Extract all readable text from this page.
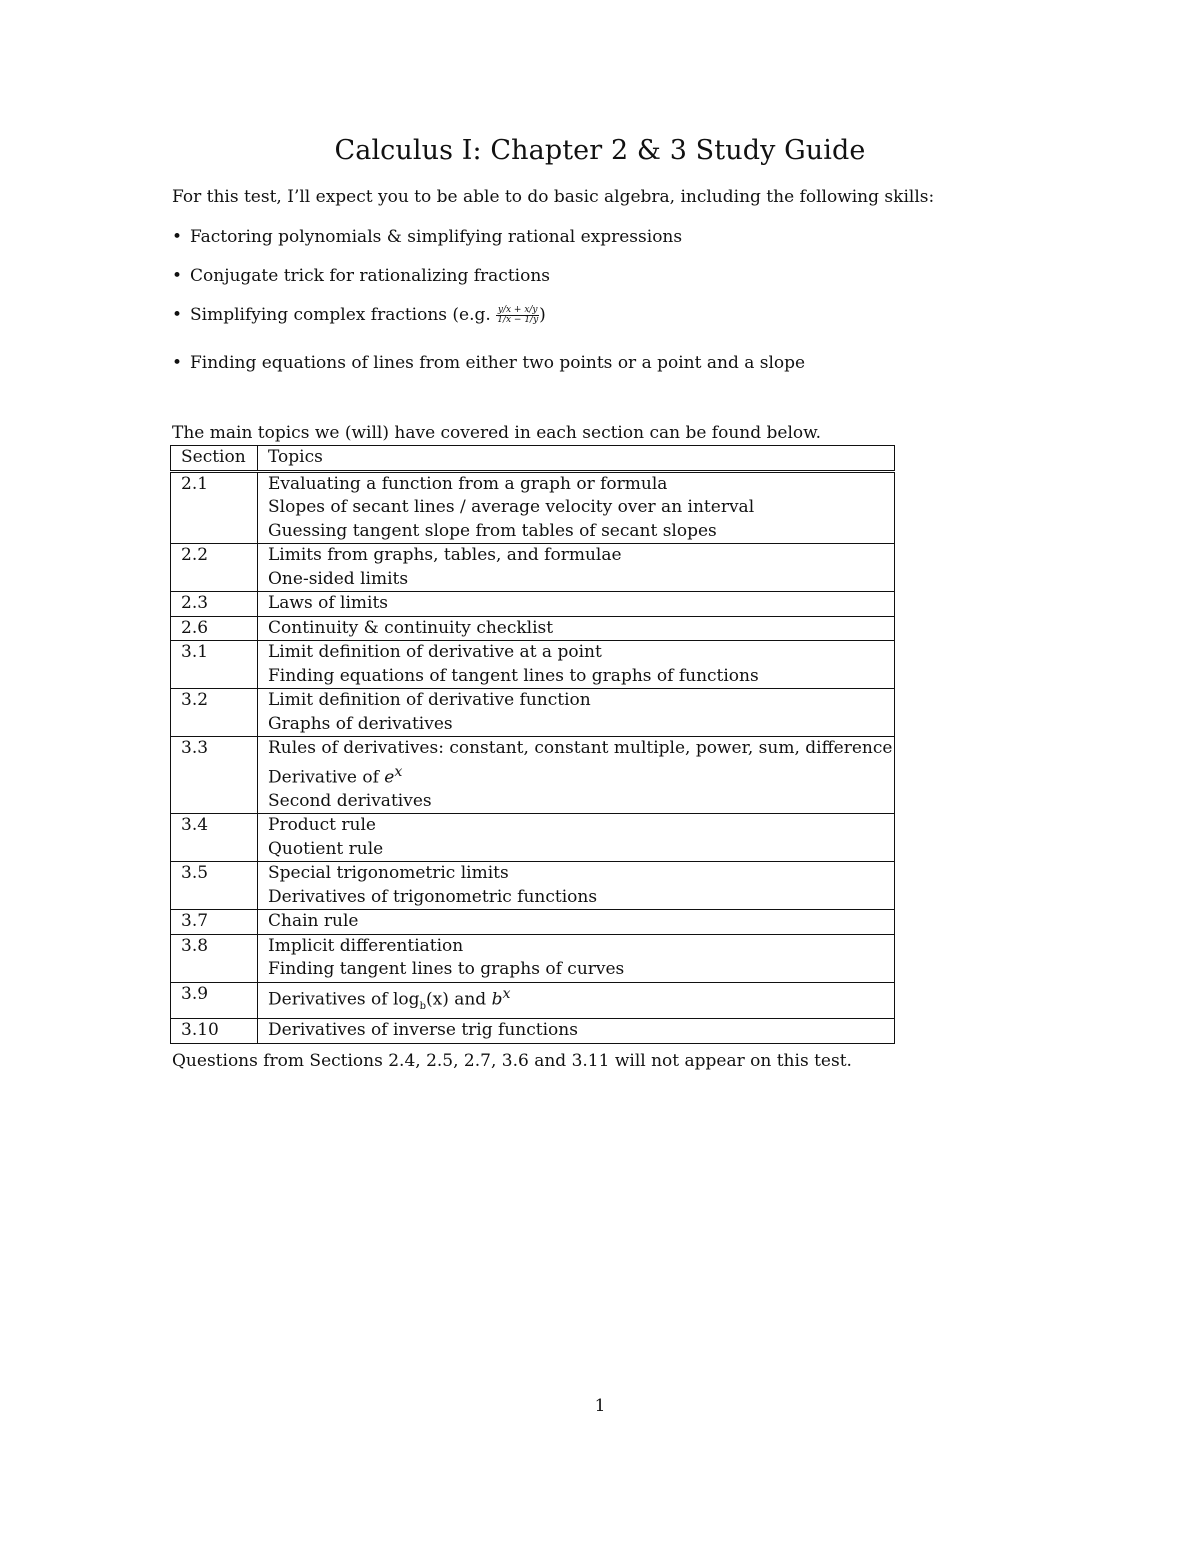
Calculus I: Chapter 2 & 3 Study Guide
For this test, I’ll expect you to be able to do basic algebra, including the following skills:
• Factoring polynomials & simplifying rational expressions
• Conjugate trick for rationalizing fractions
• Simplifying complex fractions (e.g. $\frac{y/x + x/y}{1/x - 1/y}$ )
• Finding equations of lines from either two points or a point and a slope
The main topics we (will) have covered in each section can be found below.
Section	Topics
2.1	Evaluating a function from a graph or formula
Slopes of secant lines / average velocity over an interval
Guessing tangent slope from tables of secant slopes

2.2	Limits from graphs, tables, and formulae
One-sided limits

2.3	Laws of limits

2.6	Continuity & continuity checklist

3.1	Limit definition of derivative at a point
Finding equations of tangent lines to graphs of functions

3.2	Limit definition of derivative function
Graphs of derivatives

3.3	Rules of derivatives: constant, constant multiple, power, sum, difference
Derivative of $e^x$
Second derivatives

3.4	Product rule
Quotient rule

3.5	Special trigonometric limits
Derivatives of trigonometric functions

3.7	Chain rule

3.8	Implicit differentiation
Finding tangent lines to graphs of curves

3.9	Derivatives of $\log_b(x)$ and $b^x$

3.10	Derivatives of inverse trig functions
Questions from Sections 2.4, 2.5, 2.7, 3.6 and 3.11 will not appear on this test.
1
